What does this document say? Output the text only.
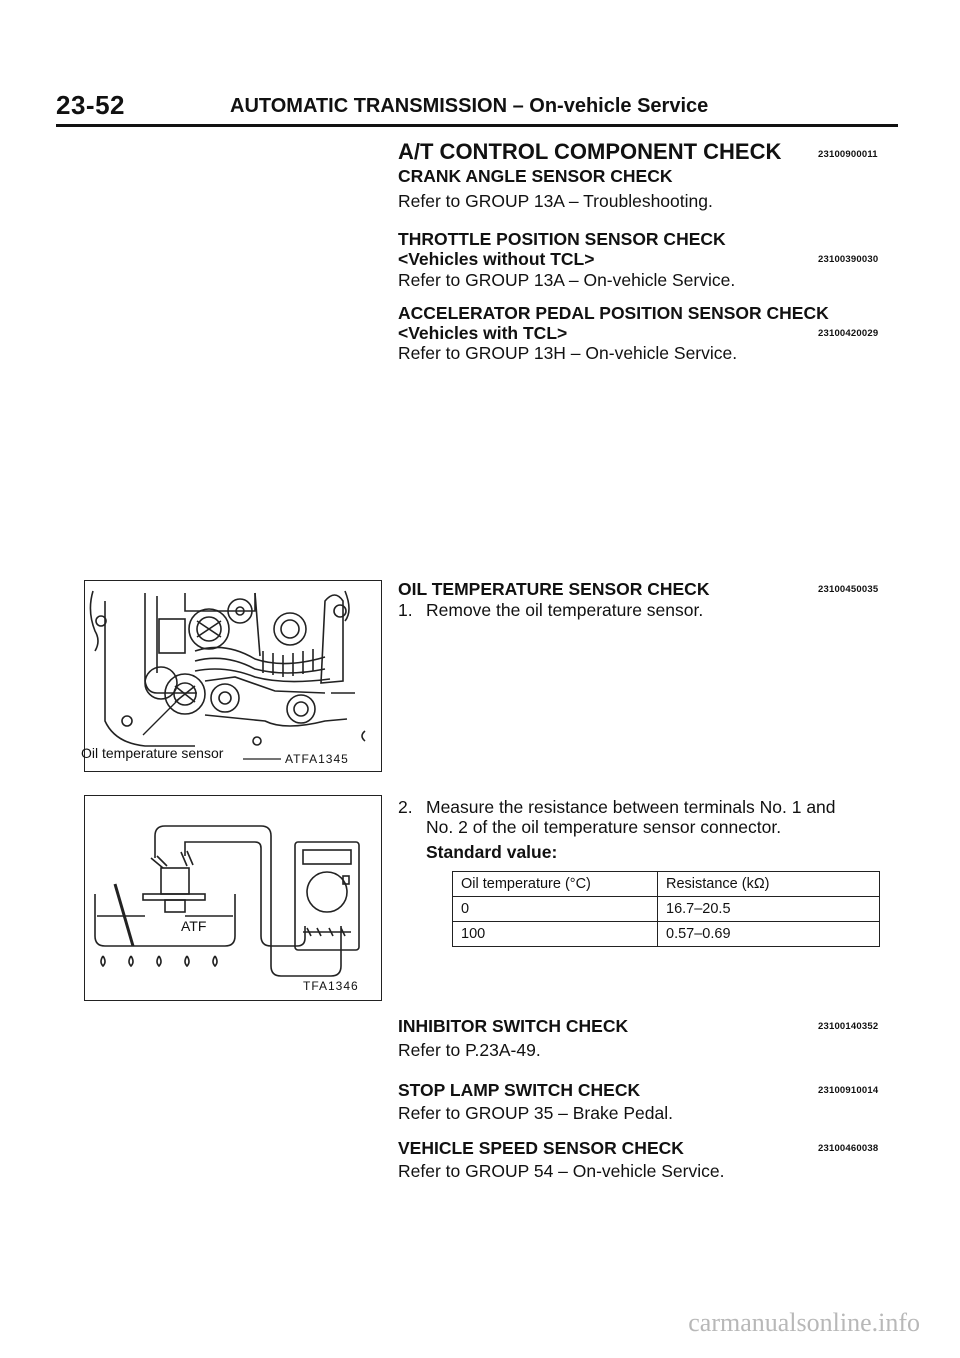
23-52	AUTOMATIC TRANSMISSION – On-vehicle Service
A/T CONTROL COMPONENT CHECK	23100900011
CRANK ANGLE SENSOR CHECK
Refer to GROUP 13A – Troubleshooting.
THROTTLE POSITION SENSOR CHECK
<Vehicles without TCL>	23100390030
Refer to GROUP 13A – On-vehicle Service.
ACCELERATOR PEDAL POSITION SENSOR CHECK
<Vehicles with TCL>	23100420029
Refer to GROUP 13H – On-vehicle Service.
Oil temperature sensor	ATFA1345
ATF
TFA1346
OIL TEMPERATURE SENSOR CHECK	23100450035
1. Remove the oil temperature sensor.
2. Measure the resistance between terminals No. 1 and
No. 2 of the oil temperature sensor connector.
Standard value:
Oil temperature (°C)	Resistance (kΩ)
0	16.7–20.5
100	0.57–0.69
INHIBITOR SWITCH CHECK	23100140352
Refer to P.23A-49.
STOP LAMP SWITCH CHECK	23100910014
Refer to GROUP 35 – Brake Pedal.
VEHICLE SPEED SENSOR CHECK	23100460038
Refer to GROUP 54 – On-vehicle Service.
carmanualsonline.info
